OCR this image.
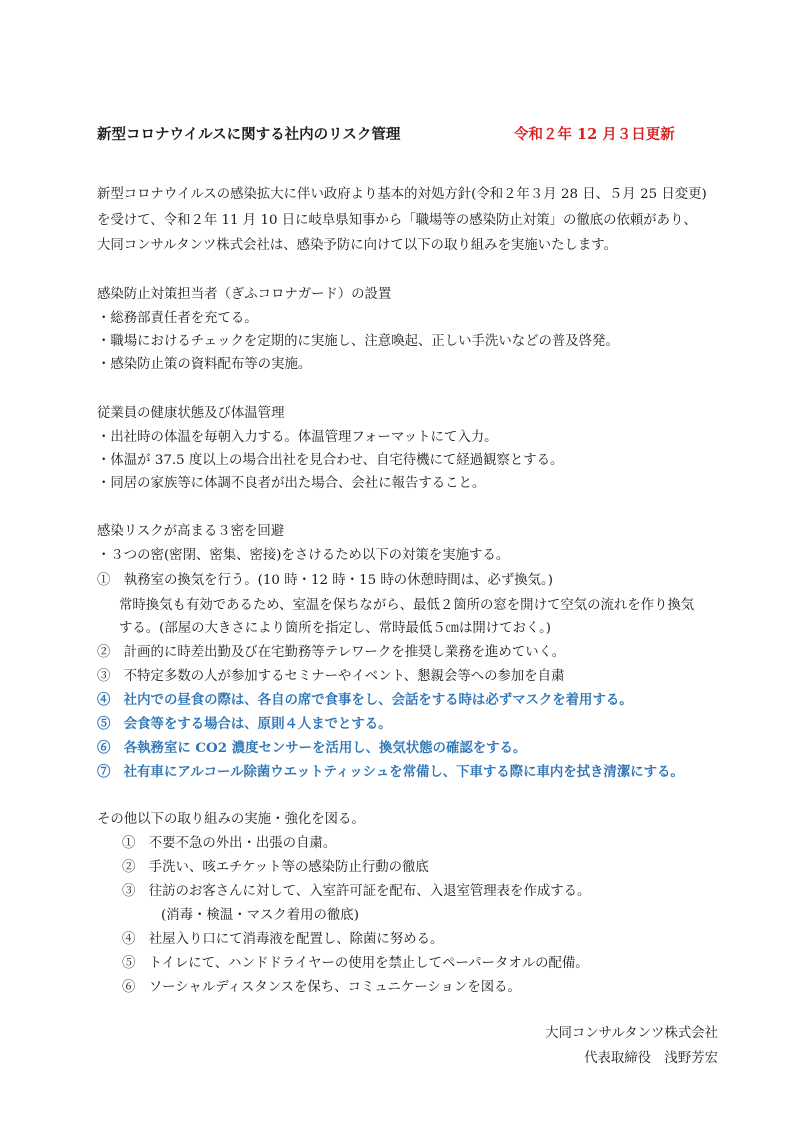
新型コロナウイルスに関する社内のリスク管理	令和２年 12 月３日更新
新型コロナウイルスの感染拡大に伴い政府より基本的対処方針(令和２年３月 28 日、５月 25 日変更)
を受けて、令和２年 11 月 10 日に岐阜県知事から「職場等の感染防止対策」の徹底の依頼があり、
大同コンサルタンツ株式会社は、感染予防に向けて以下の取り組みを実施いたします。
感染防止対策担当者（ぎふコロナガード）の設置
・総務部責任者を充てる。
・職場におけるチェックを定期的に実施し、注意喚起、正しい手洗いなどの普及啓発。
・感染防止策の資料配布等の実施。
従業員の健康状態及び体温管理
・出社時の体温を毎朝入力する。体温管理フォーマットにて入力。
・体温が 37.5 度以上の場合出社を見合わせ、自宅待機にて経過観察とする。
・同居の家族等に体調不良者が出た場合、会社に報告すること。
感染リスクが高まる３密を回避
・３つの密(密閉、密集、密接)をさけるため以下の対策を実施する。
①　執務室の換気を行う。(10 時・12 時・15 時の休憩時間は、必ず換気。)
常時換気も有効であるため、室温を保ちながら、最低２箇所の窓を開けて空気の流れを作り換気
する。(部屋の大きさにより箇所を指定し、常時最低５㎝は開けておく。)
②　計画的に時差出勤及び在宅勤務等テレワークを推奨し業務を進めていく。
③　不特定多数の人が参加するセミナーやイベント、懇親会等への参加を自粛
④　社内での昼食の際は、各自の席で食事をし、会話をする時は必ずマスクを着用する。
⑤　会食等をする場合は、原則４人までとする。
⑥　各執務室に CO2 濃度センサーを活用し、換気状態の確認をする。
⑦　社有車にアルコール除菌ウエットティッシュを常備し、下車する際に車内を拭き清潔にする。
その他以下の取り組みの実施・強化を図る。
①　不要不急の外出・出張の自粛。
②　手洗い、咳エチケット等の感染防止行動の徹底
③　往訪のお客さんに対して、入室許可証を配布、入退室管理表を作成する。
(消毒・検温・マスク着用の徹底)
④　社屋入り口にて消毒液を配置し、除菌に努める。
⑤　トイレにて、ハンドドライヤーの使用を禁止してペーパータオルの配備。
⑥　ソーシャルディスタンスを保ち、コミュニケーションを図る。
大同コンサルタンツ株式会社
代表取締役　浅野芳宏
